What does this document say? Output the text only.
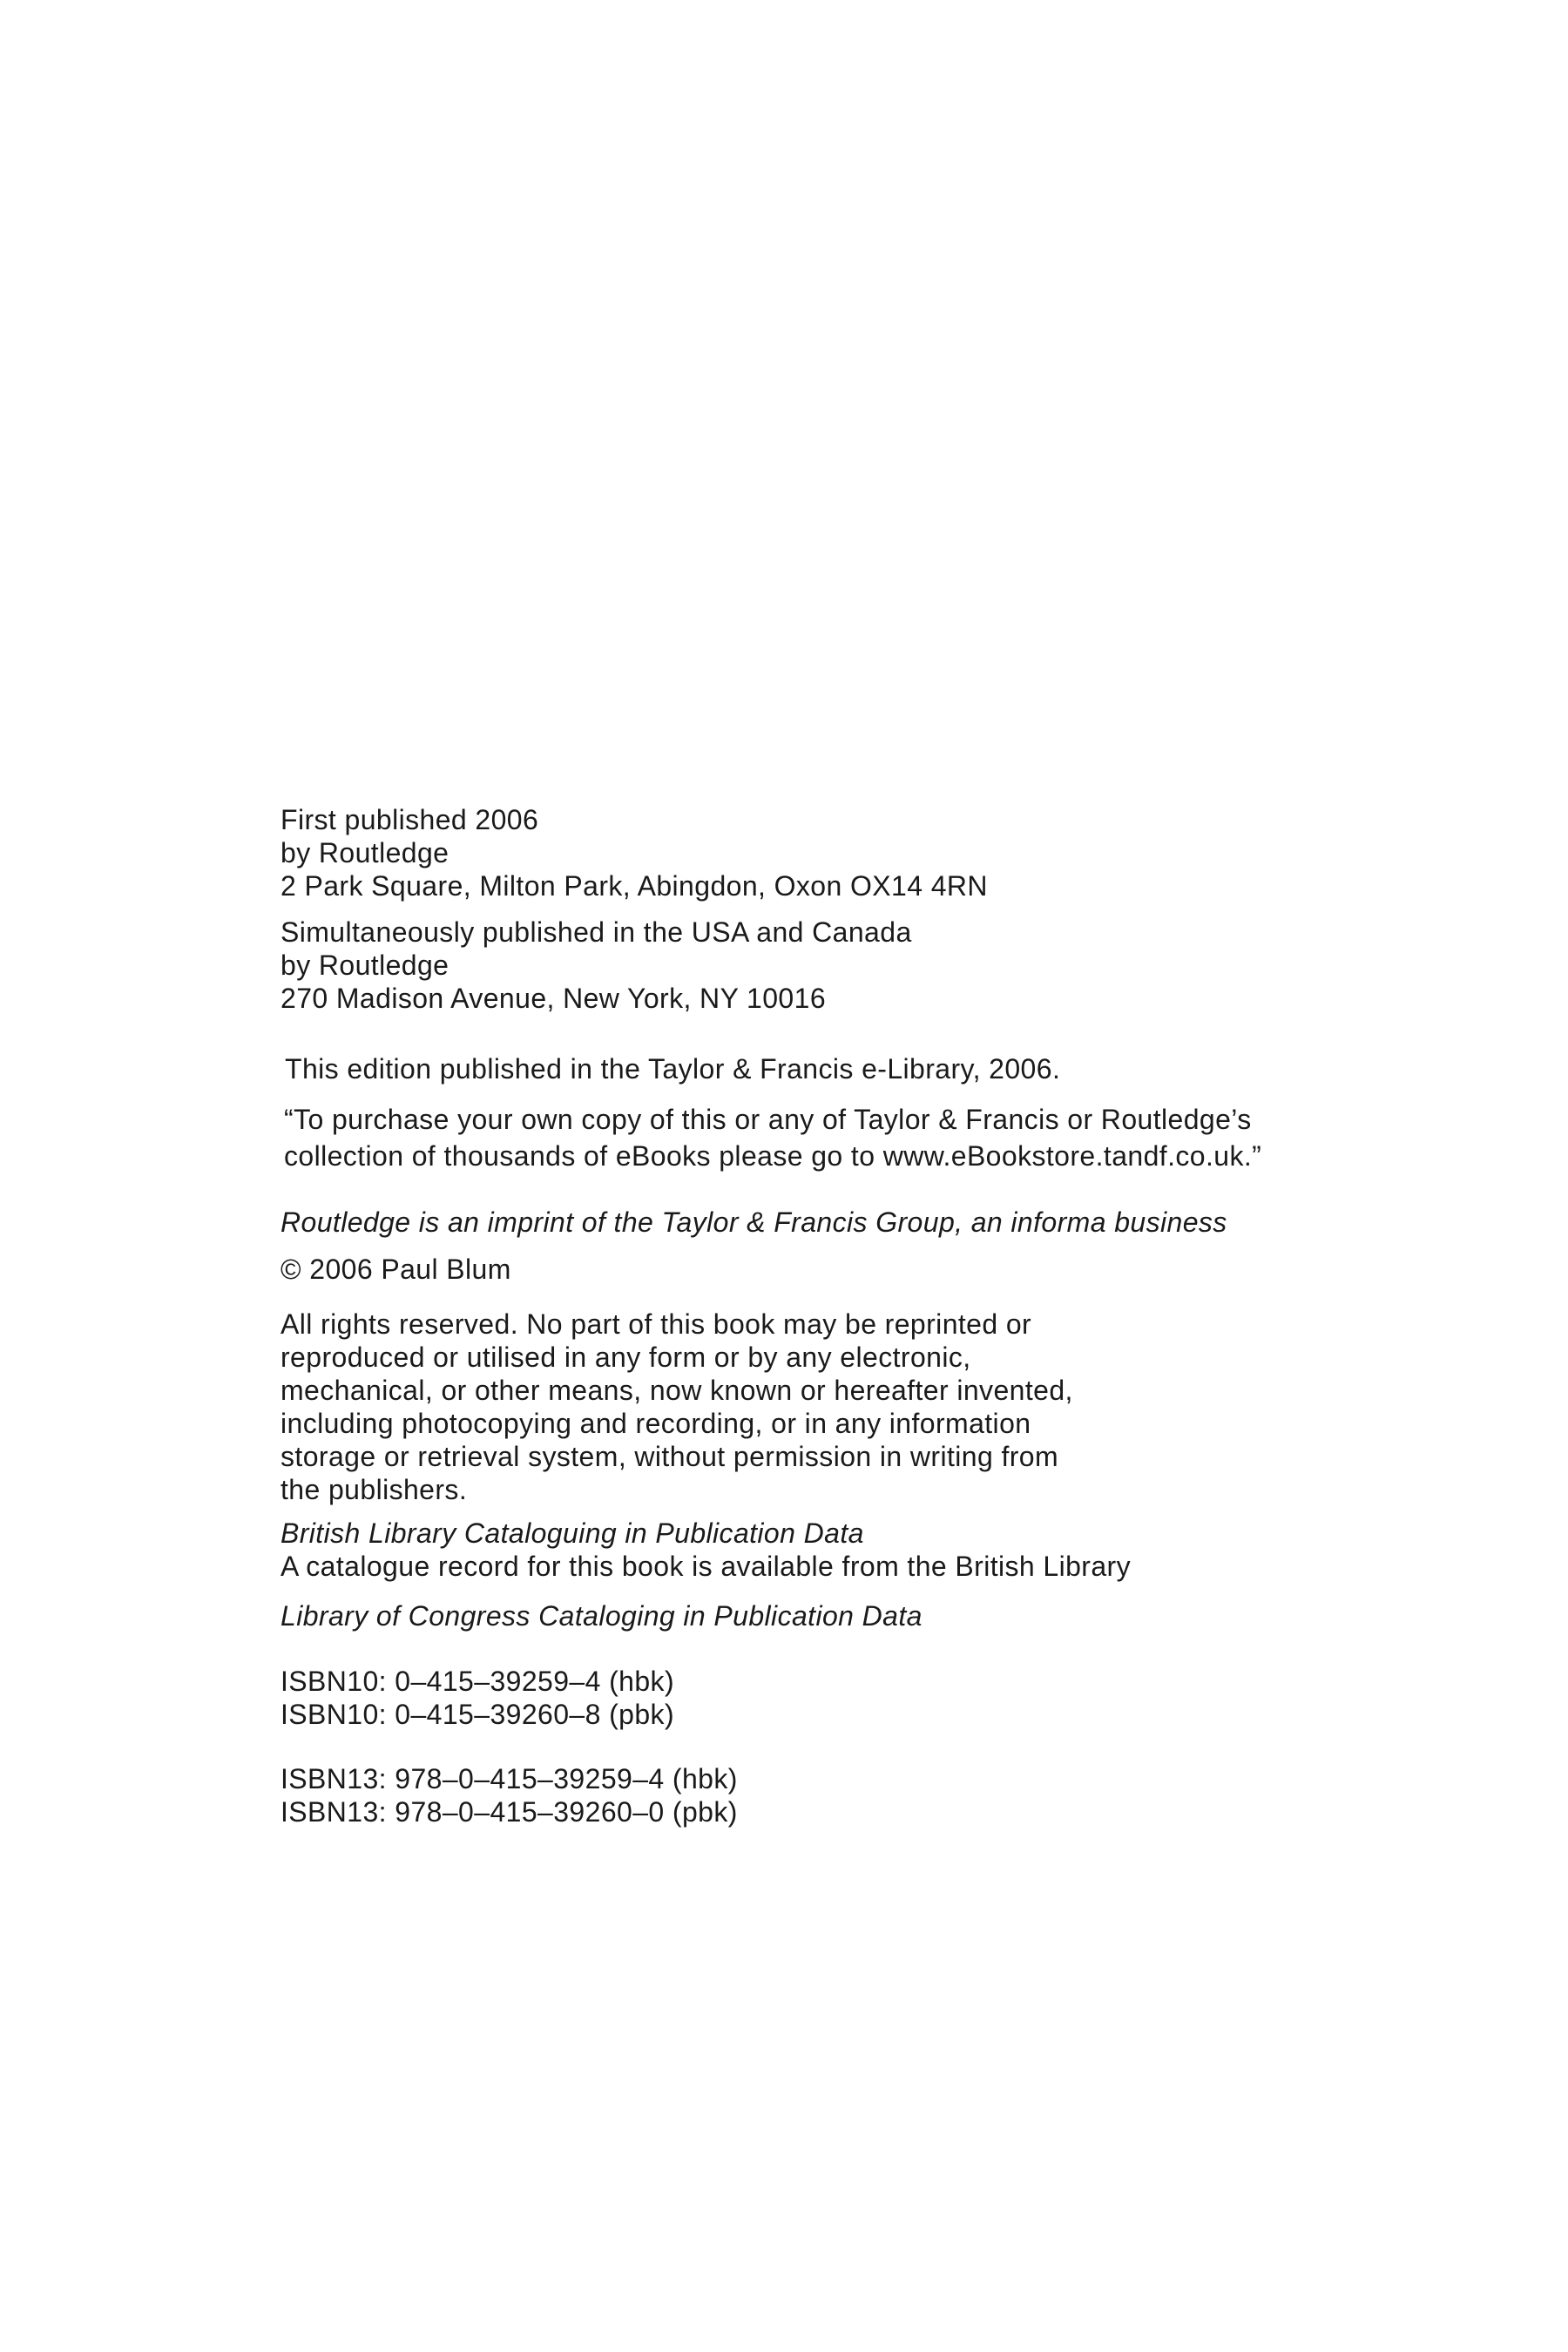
First published 2006
by Routledge
2 Park Square, Milton Park, Abingdon, Oxon OX14 4RN
Simultaneously published in the USA and Canada
by Routledge
270 Madison Avenue, New York, NY 10016
This edition published in the Taylor & Francis e-Library, 2006.
“To purchase your own copy of this or any of Taylor & Francis or Routledge’s
collection of thousands of eBooks please go to www.eBookstore.tandf.co.uk.”
Routledge is an imprint of the Taylor & Francis Group, an informa business
© 2006 Paul Blum
All rights reserved. No part of this book may be reprinted or
reproduced or utilised in any form or by any electronic,
mechanical, or other means, now known or hereafter invented,
including photocopying and recording, or in any information
storage or retrieval system, without permission in writing from
the publishers.
British Library Cataloguing in Publication Data
A catalogue record for this book is available from the British Library
Library of Congress Cataloging in Publication Data
ISBN10: 0–415–39259–4 (hbk)
ISBN10: 0–415–39260–8 (pbk)
ISBN13: 978–0–415–39259–4 (hbk)
ISBN13: 978–0–415–39260–0 (pbk)
